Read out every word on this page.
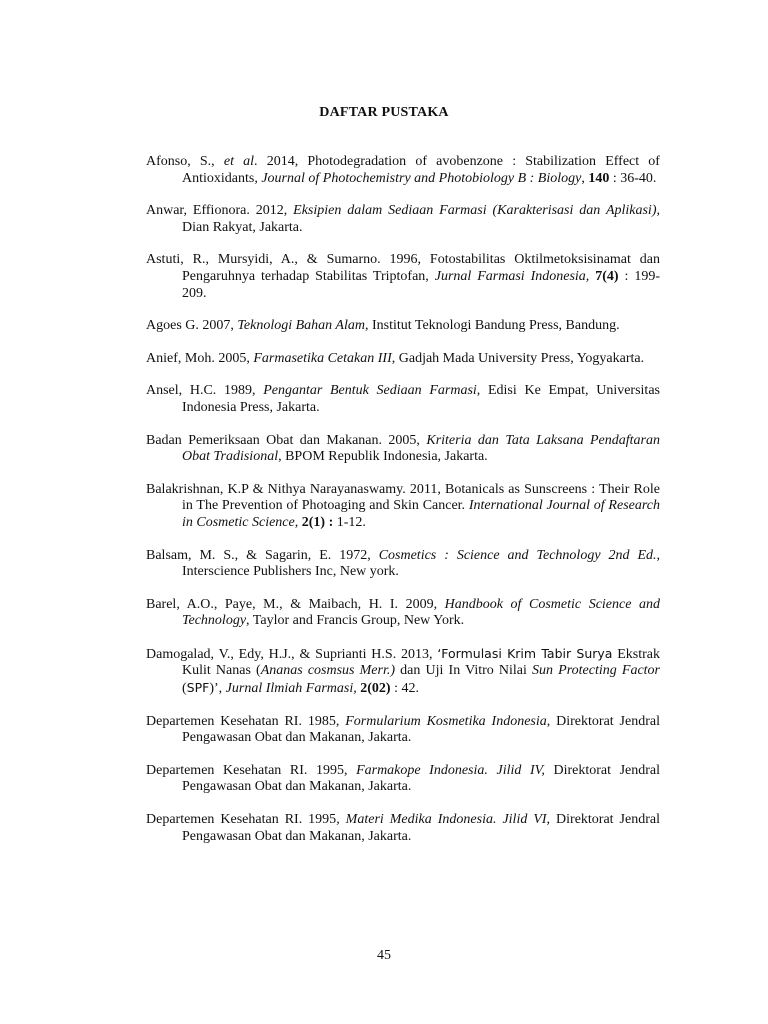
DAFTAR PUSTAKA
Afonso, S., et al. 2014, Photodegradation of avobenzone : Stabilization Effect of Antioxidants, Journal of Photochemistry and Photobiology B : Biology, 140 : 36-40.
Anwar, Effionora. 2012, Eksipien dalam Sediaan Farmasi (Karakterisasi dan Aplikasi), Dian Rakyat, Jakarta.
Astuti, R., Mursyidi, A., & Sumarno. 1996, Fotostabilitas Oktilmetoksisinamat dan Pengaruhnya terhadap Stabilitas Triptofan, Jurnal Farmasi Indonesia, 7(4) : 199-209.
Agoes G. 2007, Teknologi Bahan Alam, Institut Teknologi Bandung Press, Bandung.
Anief, Moh. 2005, Farmasetika Cetakan III, Gadjah Mada University Press, Yogyakarta.
Ansel, H.C. 1989, Pengantar Bentuk Sediaan Farmasi, Edisi Ke Empat, Universitas Indonesia Press, Jakarta.
Badan Pemeriksaan Obat dan Makanan. 2005, Kriteria dan Tata Laksana Pendaftaran Obat Tradisional, BPOM Republik Indonesia, Jakarta.
Balakrishnan, K.P & Nithya Narayanaswamy. 2011, Botanicals as Sunscreens : Their Role in The Prevention of Photoaging and Skin Cancer. International Journal of Research in Cosmetic Science, 2(1) : 1-12.
Balsam, M. S., & Sagarin, E. 1972, Cosmetics : Science and Technology 2nd Ed., Interscience Publishers Inc, New york.
Barel, A.O., Paye, M., & Maibach, H. I. 2009, Handbook of Cosmetic Science and Technology, Taylor and Francis Group, New York.
Damogalad, V., Edy, H.J., & Suprianti H.S. 2013, ‘Formulasi Krim Tabir Surya Ekstrak Kulit Nanas (Ananas cosmsus Merr.) dan Uji In Vitro Nilai Sun Protecting Factor (SPF)’, Jurnal Ilmiah Farmasi, 2(02) : 42.
Departemen Kesehatan RI. 1985, Formularium Kosmetika Indonesia, Direktorat Jendral Pengawasan Obat dan Makanan, Jakarta.
Departemen Kesehatan RI. 1995, Farmakope Indonesia. Jilid IV, Direktorat Jendral Pengawasan Obat dan Makanan, Jakarta.
Departemen Kesehatan RI. 1995, Materi Medika Indonesia. Jilid VI, Direktorat Jendral Pengawasan Obat dan Makanan, Jakarta.
45
